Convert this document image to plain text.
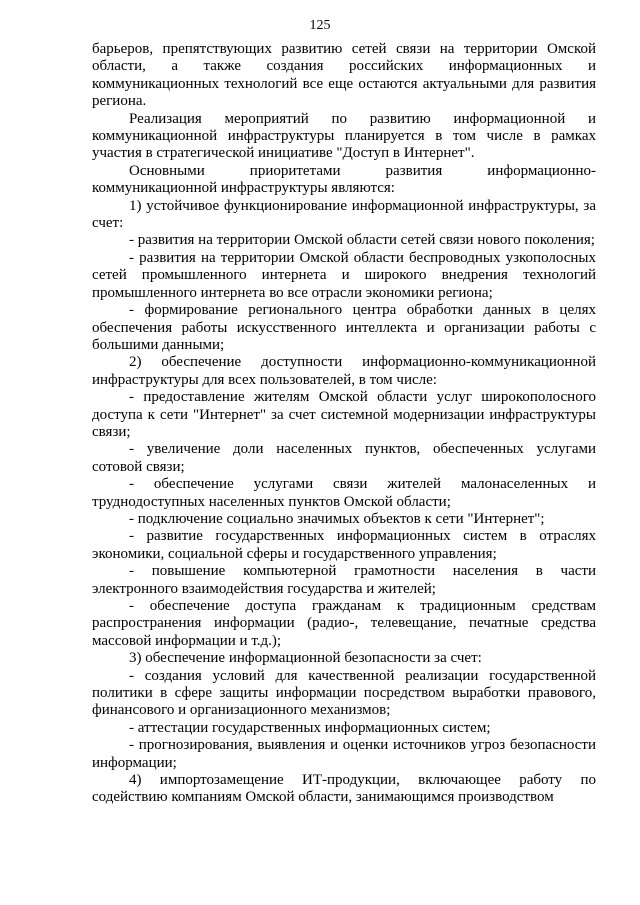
125

барьеров, препятствующих развитию сетей связи на территории Омской области, а также создания российских информационных и коммуникационных технологий все еще остаются актуальными для развития региона.

Реализация мероприятий по развитию информационной и коммуникационной инфраструктуры планируется в том числе в рамках участия в стратегической инициативе "Доступ в Интернет".

Основными приоритетами развития информационно-коммуникационной инфраструктуры являются:

1) устойчивое функционирование информационной инфраструктуры, за счет:

- развития на территории Омской области сетей связи нового поколения;

- развития на территории Омской области беспроводных узкополосных сетей промышленного интернета и широкого внедрения технологий промышленного интернета во все отрасли экономики региона;

- формирование регионального центра обработки данных в целях обеспечения работы искусственного интеллекта и организации работы с большими данными;

2) обеспечение доступности информационно-коммуникационной инфраструктуры для всех пользователей, в том числе:

- предоставление жителям Омской области услуг широкополосного доступа к сети "Интернет" за счет системной модернизации инфраструктуры связи;

- увеличение доли населенных пунктов, обеспеченных услугами сотовой связи;

- обеспечение услугами связи жителей малонаселенных и труднодоступных населенных пунктов Омской области;

- подключение социально значимых объектов к сети "Интернет";

- развитие государственных информационных систем в отраслях экономики, социальной сферы и государственного управления;

- повышение компьютерной грамотности населения в части электронного взаимодействия государства и жителей;

- обеспечение доступа гражданам к традиционным средствам распространения информации (радио-, телевещание, печатные средства массовой информации и т.д.);

3) обеспечение информационной безопасности за счет:

- создания условий для качественной реализации государственной политики в сфере защиты информации посредством выработки правового, финансового и организационного механизмов;

- аттестации государственных информационных систем;

- прогнозирования, выявления и оценки источников угроз безопасности информации;

4) импортозамещение ИТ-продукции, включающее работу по содействию компаниям Омской области, занимающимся производством
